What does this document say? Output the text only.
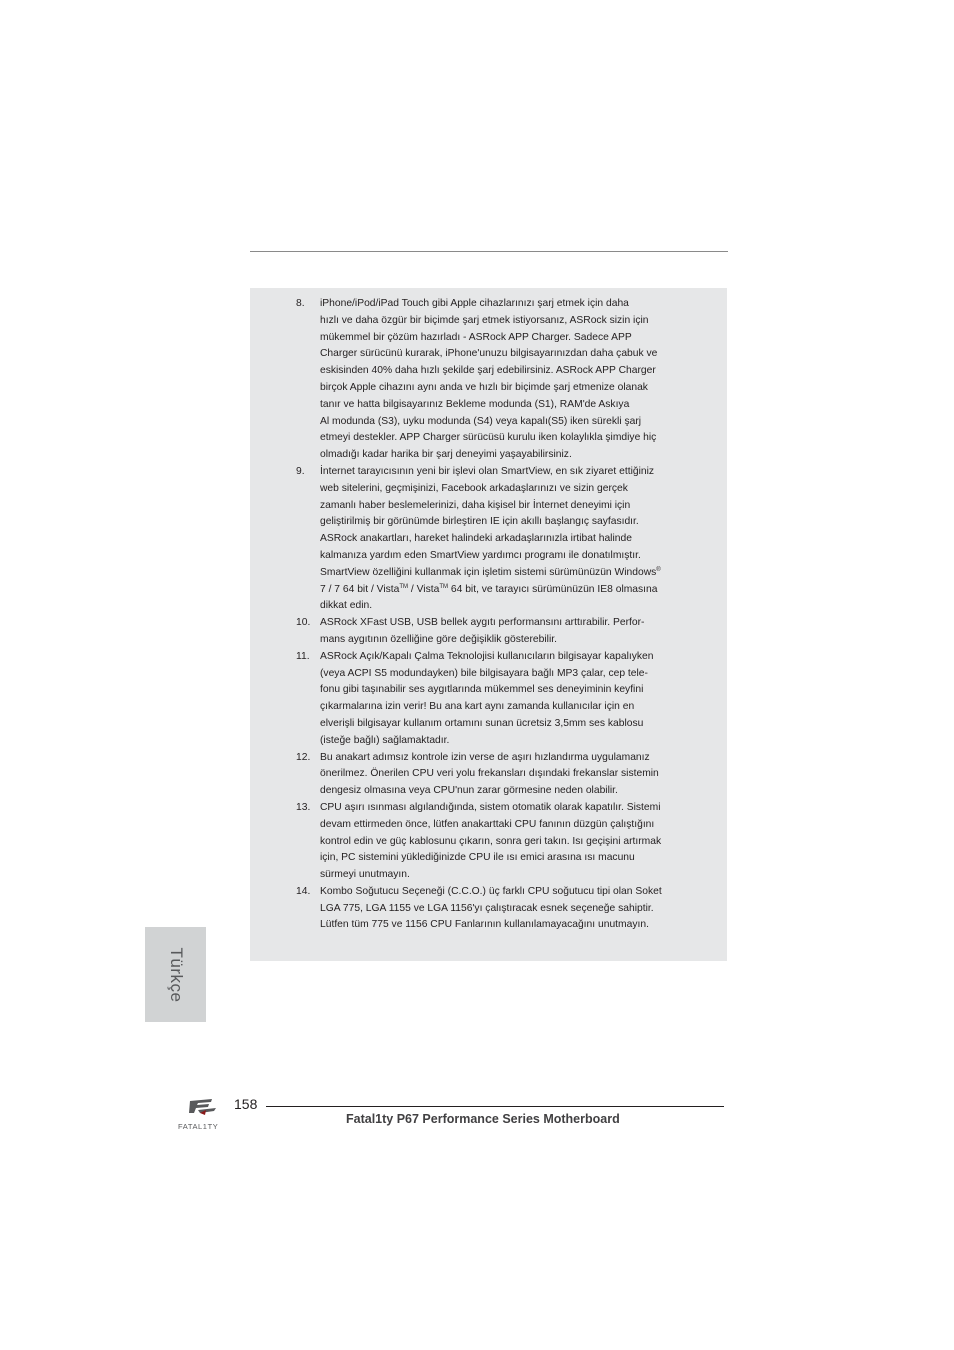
8.	iPhone/iPod/iPad Touch gibi Apple cihazlarınızı şarj etmek için daha
hızlı ve daha özgür bir biçimde şarj etmek istiyorsanız, ASRock sizin için
mükemmel bir çözüm hazırladı - ASRock APP Charger. Sadece APP
Charger sürücünü kurarak, iPhone'unuzu bilgisayarınızdan daha çabuk ve
eskisinden 40% daha hızlı şekilde şarj edebilirsiniz. ASRock APP Charger
birçok Apple cihazını aynı anda ve hızlı bir biçimde şarj etmenize olanak
tanır ve hatta bilgisayarınız Bekleme modunda (S1), RAM'de Askıya
Al modunda (S3), uyku modunda (S4) veya kapalı(S5) iken sürekli şarj
etmeyi destekler. APP Charger sürücüsü kurulu iken kolaylıkla şimdiye hiç
olmadığı kadar harika bir şarj deneyimi yaşayabilirsiniz.
9.	İnternet tarayıcısının yeni bir işlevi olan SmartView, en sık ziyaret ettiğiniz
web sitelerini, geçmişinizi, Facebook arkadaşlarınızı ve sizin gerçek
zamanlı haber beslemelerinizi, daha kişisel bir İnternet deneyimi için
geliştirilmiş bir görünümde birleştiren IE için akıllı başlangıç sayfasıdır.
ASRock anakartları, hareket halindeki arkadaşlarınızla irtibat halinde
kalmanıza yardım eden SmartView yardımcı programı ile donatılmıştır.
SmartView özelliğini kullanmak için işletim sistemi sürümünüzün Windows®
7 / 7 64 bit / Vista™ / Vista™ 64 bit, ve tarayıcı sürümünüzün IE8 olmasına
dikkat edin.
10. ASRock XFast USB, USB bellek aygıtı performansını arttırabilir. Perfor-
mans aygıtının özelliğine göre değişiklik gösterebilir.
11.	ASRock Açık/Kapalı Çalma Teknolojisi kullanıcıların bilgisayar kapalıyken
(veya ACPI S5 modundayken) bile bilgisayara bağlı MP3 çalar, cep tele-
fonu gibi taşınabilir ses aygıtlarında mükemmel ses deneyiminin keyfini
çıkarmalarına izin verir! Bu ana kart aynı zamanda kullanıcılar için en
elverişli bilgisayar kullanım ortamını sunan ücretsiz 3,5mm ses kablosu
(isteğe bağlı) sağlamaktadır.
12. Bu anakart adımsız kontrole izin verse de aşırı hızlandırma uygulamanız
önerilmez. Önerilen CPU veri yolu frekansları dışındaki frekanslar sistemin
dengesiz olmasına veya CPU'nun zarar görmesine neden olabilir.
13. CPU aşırı ısınması algılandığında, sistem otomatik olarak kapatılır. Sistemi
devam ettirmeden önce, lütfen anakarttaki CPU fanının düzgün çalıştığını
kontrol edin ve güç kablosunu çıkarın, sonra geri takın. Isı geçişini artırmak
için, PC sistemini yüklediğinizde CPU ile ısı emici arasına ısı macunu
sürmeyi unutmayın.
14. Kombo Soğutucu Seçeneği (C.C.O.) üç farklı CPU soğutucu tipi olan Soket
LGA 775, LGA 1155 ve LGA 1156'yı çalıştıracak esnek seçeneğe sahiptir.
Lütfen tüm 775 ve 1156 CPU Fanlarının kullanılamayacağını unutmayın.
Türkçe
FATAL1TY
158
Fatal1ty P67 Performance Series Motherboard
